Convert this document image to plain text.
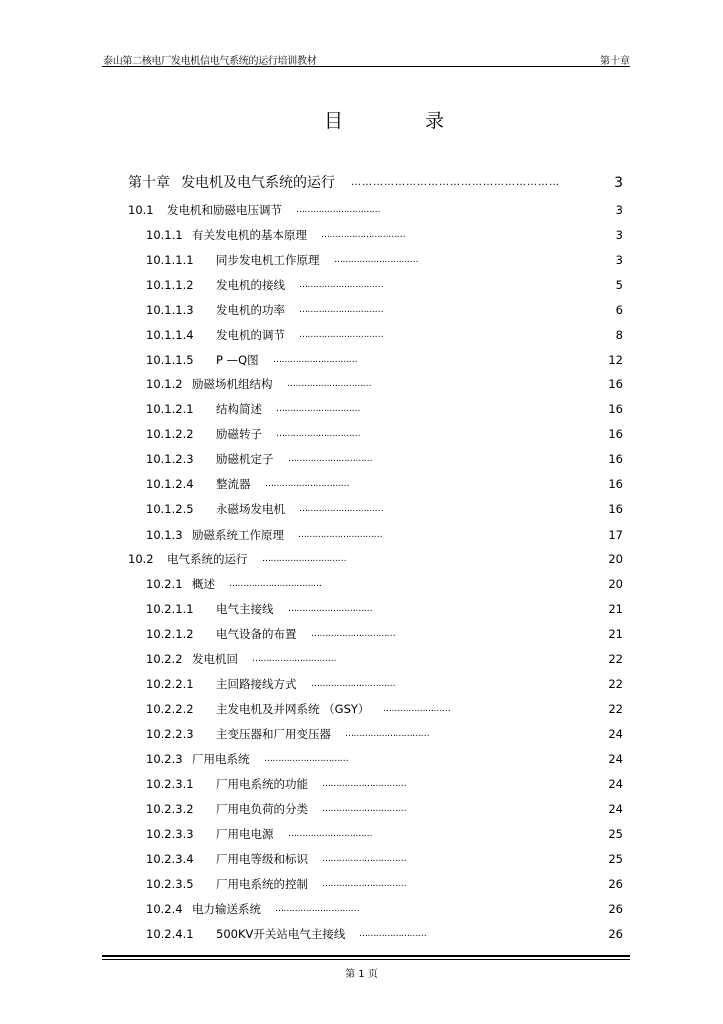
泰山第二核电厂发电机信电气系统的运行培训教材	第十章
目	录
第十章 发电机及电气系统的运行 …………………………………………………	3
10.1 发电机和励磁电压调节 …………………………	3
10.1.1 有关发电机的基本原理 …………………………	3
10.1.1.1 同步发电机工作原理 …………………………	3
10.1.1.2 发电机的接线 …………………………	5
10.1.1.3 发电机的功率 …………………………	6
10.1.1.4 发电机的调节 …………………………	8
10.1.1.5 P —Q图 …………………………	12
10.1.2 励磁场机组结构 …………………………	16
10.1.2.1 结构简述 …………………………	16
10.1.2.2 励磁转子 …………………………	16
10.1.2.3 励磁机定子 …………………………	16
10.1.2.4 整流器 …………………………	16
10.1.2.5 永磁场发电机 …………………………	16
10.1.3 励磁系统工作原理 …………………………	17
10.2 电气系统的运行 …………………………	20
10.2.1 概述 ……………………………	20
10.2.1.1 电气主接线 …………………………	21
10.2.1.2 电气设备的布置 …………………………	21
10.2.2 发电机回 …………………………	22
10.2.2.1 主回路接线方式 …………………………	22
10.2.2.2 主发电机及并网系统 （GSY） ……………………	22
10.2.2.3 主变压器和厂用变压器 …………………………	24
10.2.3 厂用电系统 …………………………	24
10.2.3.1 厂用电系统的功能 …………………………	24
10.2.3.2 厂用电负荷的分类 …………………………	24
10.2.3.3 厂用电电源 …………………………	25
10.2.3.4 厂用电等级和标识 …………………………	25
10.2.3.5 厂用电系统的控制 …………………………	26
10.2.4 电力输送系统 …………………………	26
10.2.4.1 500KV开关站电气主接线 ……………………	26
第 1 页
